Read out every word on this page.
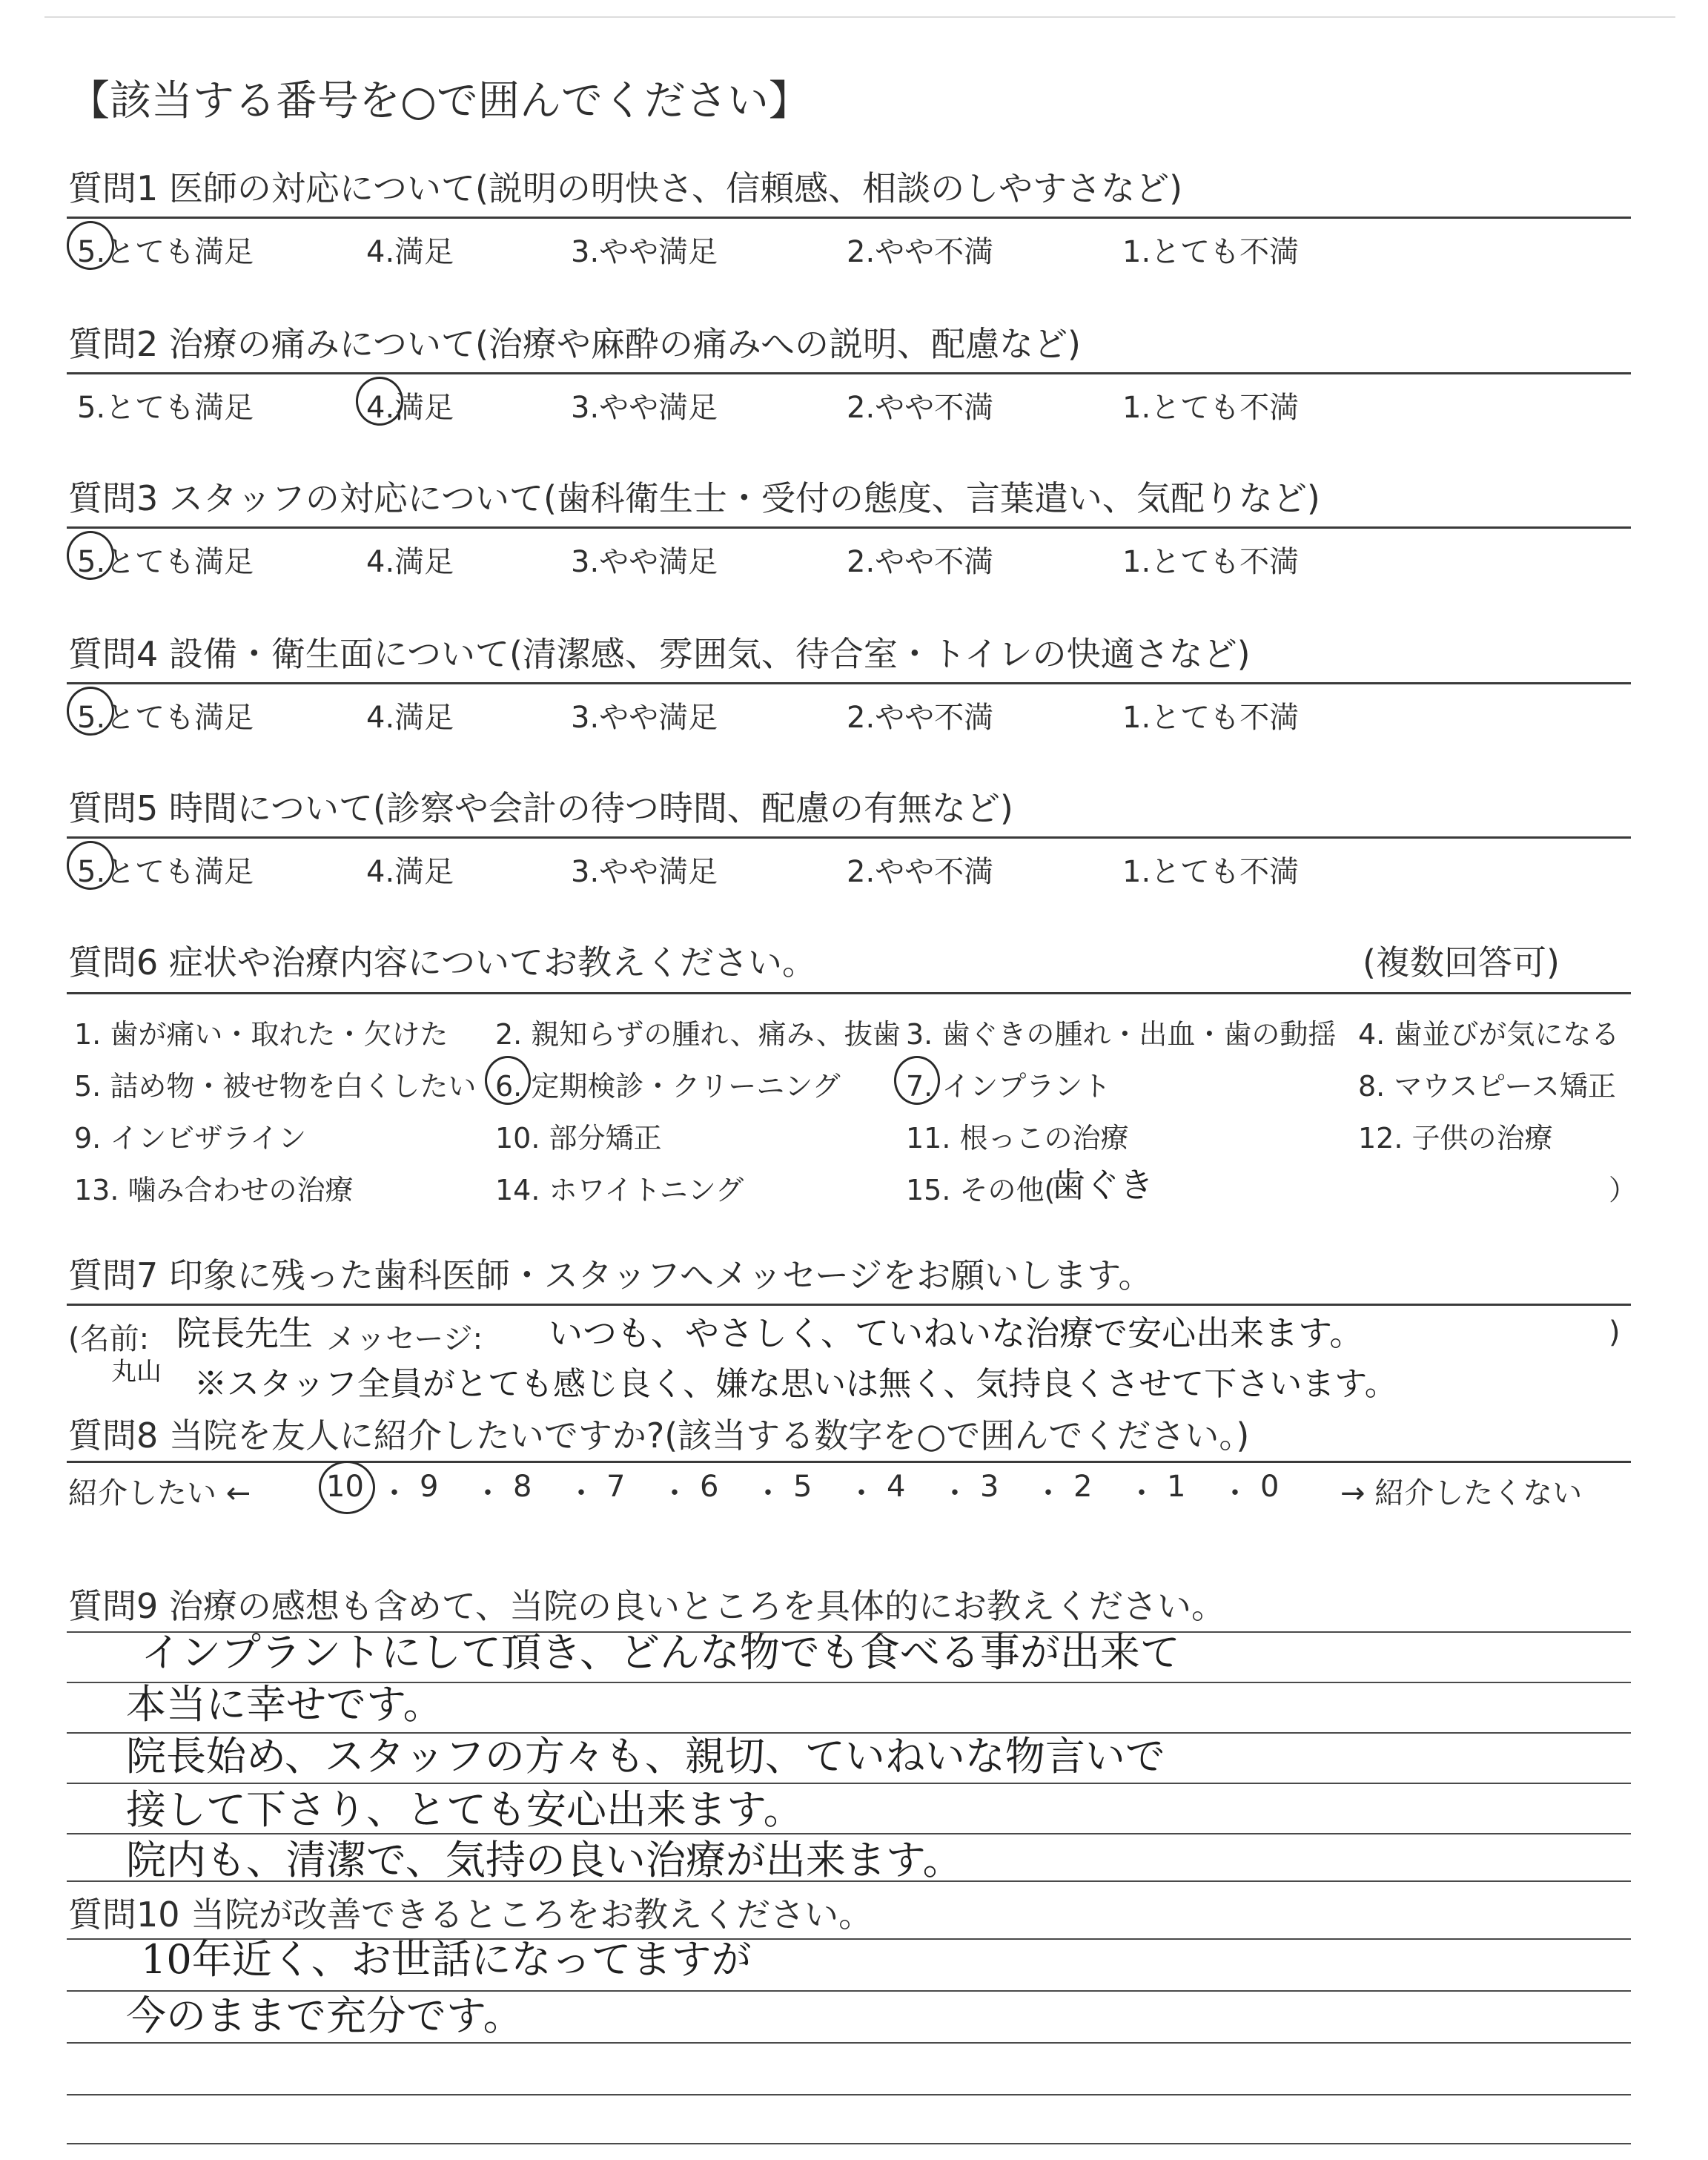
【該当する番号を○で囲んでください】
質問1 医師の対応について(説明の明快さ、信頼感、相談のしやすさなど)
5.とても満足	4.満足	3.やや満足	2.やや不満	1.とても不満
質問2 治療の痛みについて(治療や麻酔の痛みへの説明、配慮など)
5.とても満足	4.満足	3.やや満足	2.やや不満	1.とても不満
質問3 スタッフの対応について(歯科衛生士・受付の態度、言葉遣い、気配りなど)
5.とても満足	4.満足	3.やや満足	2.やや不満	1.とても不満
質問4 設備・衛生面について(清潔感、雰囲気、待合室・トイレの快適さなど)
5.とても満足	4.満足	3.やや満足	2.やや不満	1.とても不満
質問5 時間について(診察や会計の待つ時間、配慮の有無など)
5.とても満足	4.満足	3.やや満足	2.やや不満	1.とても不満
質問6 症状や治療内容についてお教えください。	(複数回答可)
1. 歯が痛い・取れた・欠けた 2. 親知らずの腫れ、痛み、抜歯 3. 歯ぐきの腫れ・出血・歯の動揺 4. 歯並びが気になる
5. 詰め物・被せ物を白くしたい 6. 定期検診・クリーニング 7. インプラント	8. マウスピース矯正
9. インビザライン	10. 部分矯正	11. 根っこの治療	12. 子供の治療
13. 噛み合わせの治療	14. ホワイトニング	15. その他(
歯ぐき	）
質問7 印象に残った歯科医師・スタッフへメッセージをお願いします。
(名前: 院長先生
丸山
メッセージ: いつも、やさしく、ていねいな治療で安心出来ます。	)
※スタッフ全員がとても感じ良く、嫌な思いは無く、気持良くさせて下さいます。
質問8 当院を友人に紹介したいですか?(該当する数字を○で囲んでください。)
紹介したい ←	10 ・ 9 ・ 8 ・ 7 ・ 6 ・ 5 ・ 4 ・ 3 ・ 2 ・ 1 ・ 0 → 紹介したくない
質問9 治療の感想も含めて、当院の良いところを具体的にお教えください。
インプラントにして頂き、どんな物でも食べる事が出来て
本当に幸せです。
院長始め、スタッフの方々も、親切、ていねいな物言いで
接して下さり、とても安心出来ます。
院内も、清潔で、気持の良い治療が出来ます。
質問10 当院が改善できるところをお教えください。
10年近く、お世話になってますが
今のままで充分です。
